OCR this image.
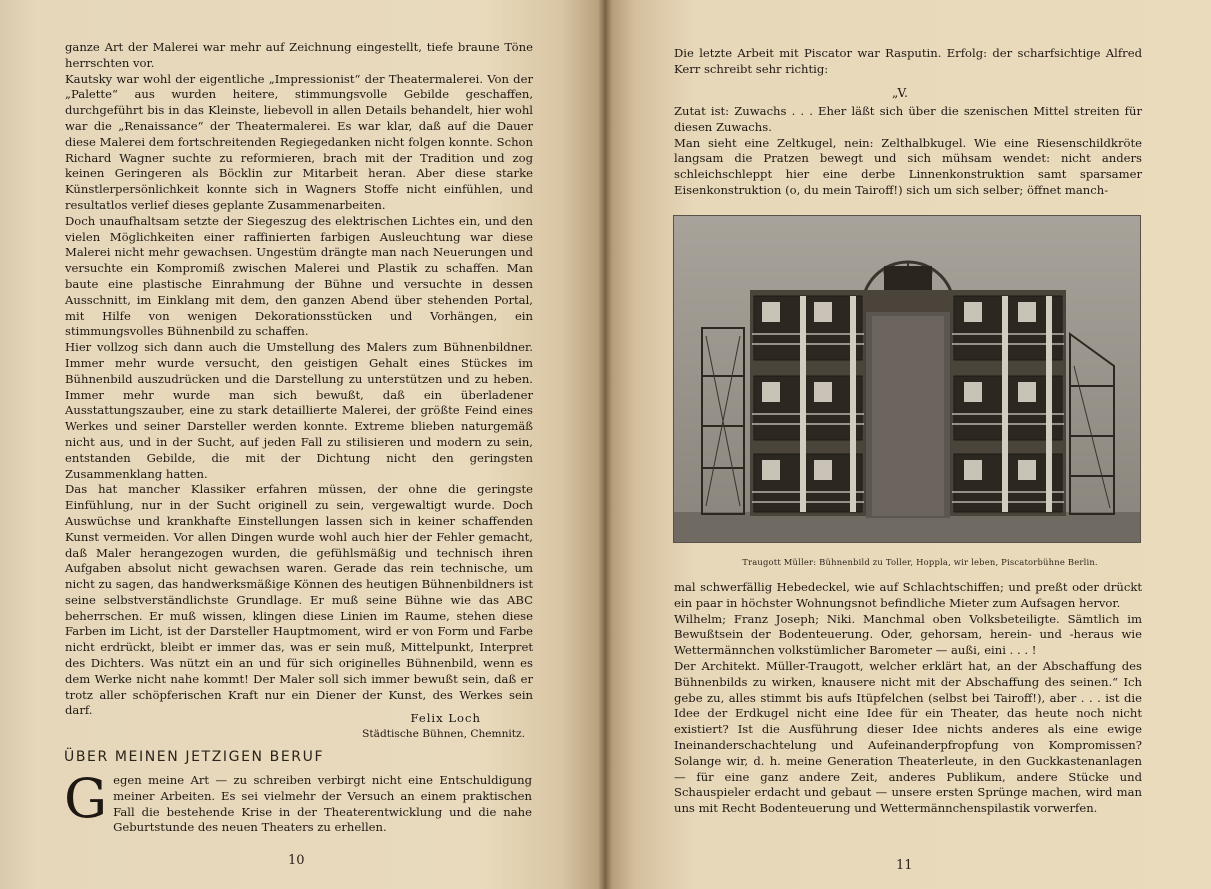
ganze Art der Malerei war mehr auf Zeichnung eingestellt, tiefe braune Töne herrschten vor.

Kautsky war wohl der eigentliche „Impressionist“ der Theatermalerei. Von der „Palette“ aus wurden heitere, stimmungsvolle Gebilde geschaffen, durchgeführt bis in das Kleinste, liebevoll in allen Details behandelt, hier wohl war die „Renaissance“ der Theatermalerei. Es war klar, daß auf die Dauer diese Malerei dem fortschreitenden Regiegedanken nicht folgen konnte. Schon Richard Wagner suchte zu reformieren, brach mit der Tradition und zog keinen Geringeren als Böcklin zur Mitarbeit heran. Aber diese starke Künstlerpersönlichkeit konnte sich in Wagners Stoffe nicht einfühlen, und resultatlos verlief dieses geplante Zusammenarbeiten.

Doch unaufhaltsam setzte der Siegeszug des elektrischen Lichtes ein, und den vielen Möglichkeiten einer raffinierten farbigen Ausleuchtung war diese Malerei nicht mehr gewachsen. Ungestüm drängte man nach Neuerungen und versuchte ein Kompromiß zwischen Malerei und Plastik zu schaffen. Man baute eine plastische Einrahmung der Bühne und versuchte in dessen Ausschnitt, im Einklang mit dem, den ganzen Abend über stehenden Portal, mit Hilfe von wenigen Dekorationsstücken und Vorhängen, ein stimmungsvolles Bühnenbild zu schaffen.

Hier vollzog sich dann auch die Umstellung des Malers zum Bühnenbildner. Immer mehr wurde versucht, den geistigen Gehalt eines Stückes im Bühnenbild auszudrücken und die Darstellung zu unterstützen und zu heben. Immer mehr wurde man sich bewußt, daß ein überladener Ausstattungszauber, eine zu stark detaillierte Malerei, der größte Feind eines Werkes und seiner Darsteller werden konnte. Extreme blieben naturgemäß nicht aus, und in der Sucht, auf jeden Fall zu stilisieren und modern zu sein, entstanden Gebilde, die mit der Dichtung nicht den geringsten Zusammenklang hatten.

Das hat mancher Klassiker erfahren müssen, der ohne die geringste Einfühlung, nur in der Sucht originell zu sein, vergewaltigt wurde. Doch Auswüchse und krankhafte Einstellungen lassen sich in keiner schaffenden Kunst vermeiden. Vor allen Dingen wurde wohl auch hier der Fehler gemacht, daß Maler herangezogen wurden, die gefühlsmäßig und technisch ihren Aufgaben absolut nicht gewachsen waren. Gerade das rein technische, um nicht zu sagen, das handwerksmäßige Können des heutigen Bühnenbildners ist seine selbstverständlichste Grundlage. Er muß seine Bühne wie das ABC beherrschen. Er muß wissen, klingen diese Linien im Raume, stehen diese Farben im Licht, ist der Darsteller Hauptmoment, wird er von Form und Farbe nicht erdrückt, bleibt er immer das, was er sein muß, Mittelpunkt, Interpret des Dichters. Was nützt ein an und für sich originelles Bühnenbild, wenn es dem Werke nicht nahe kommt! Der Maler soll sich immer bewußt sein, daß er trotz aller schöpferischen Kraft nur ein Diener der Kunst, des Werkes sein darf.

Felix Loch
Städtische Bühnen, Chemnitz.
ÜBER MEINEN JETZIGEN BERUF

Gegen meine Art — zu schreiben verbirgt nicht eine Entschuldigung meiner Arbeiten. Es sei vielmehr der Versuch an einem praktischen Fall die bestehende Krise in der Theaterentwicklung und die nahe Geburtstunde des neuen Theaters zu erhellen.

10

Die letzte Arbeit mit Piscator war Rasputin. Erfolg: der scharfsichtige Alfred Kerr schreibt sehr richtig:

„V.

Zutat ist: Zuwachs . . . Eher läßt sich über die szenischen Mittel streiten für diesen Zuwachs.

Man sieht eine Zeltkugel, nein: Zelthalbkugel. Wie eine Riesenschildkröte langsam die Pratzen bewegt und sich mühsam wendet: nicht anders schleichschleppt hier eine derbe Linnenkonstruktion samt sparsamer Eisenkonstruktion (o, du mein Tairoff!) sich um sich selber; öffnet manch-

Traugott Müller: Bühnenbild zu Toller, Hoppla, wir leben, Piscatorbühne Berlin.

mal schwerfällig Hebedeckel, wie auf Schlachtschiffen; und preßt oder drückt ein paar in höchster Wohnungsnot befindliche Mieter zum Aufsagen hervor.

Wilhelm; Franz Joseph; Niki. Manchmal oben Volksbeteiligte. Sämtlich im Bewußtsein der Bodenteuerung. Oder, gehorsam, herein- und -heraus wie Wettermännchen volkstümlicher Barometer — außi, eini . . . !

Der Architekt. Müller-Traugott, welcher erklärt hat, an der Abschaffung des Bühnenbilds zu wirken, knausere nicht mit der Abschaffung des seinen.“ Ich gebe zu, alles stimmt bis aufs Itüpfelchen (selbst bei Tairoff!), aber . . . ist die Idee der Erdkugel nicht eine Idee für ein Theater, das heute noch nicht existiert? Ist die Ausführung dieser Idee nichts anderes als eine ewige Ineinanderschachtelung und Aufeinanderpfropfung von Kompromissen? Solange wir, d. h. meine Generation Theaterleute, in den Guckkastenanlagen — für eine ganz andere Zeit, anderes Publikum, andere Stücke und Schauspieler erdacht und gebaut — unsere ersten Sprünge machen, wird man uns mit Recht Bodenteuerung und Wettermännchenspilastik vorwerfen.

11
